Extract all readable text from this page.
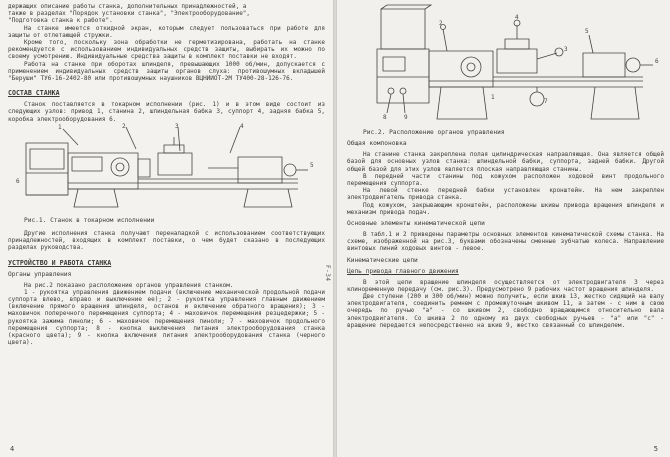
держащих описание работы станка, дополнительных принадлежностей, а

также в разделах "Порядок установки станка", "Электрооборудование",

"Подготовка станка к работе".

На станке имеется откидной экран, которым следует пользоваться при работе для защиты от отлетающей стружки.

Кроме того, поскольку зона обработки не герметизирована, работать на станке рекомендуется с использованием индивидуальных средств защиты, выбирать их можно по своему усмотрению. Индивидуальные средства защиты в комплект поставки не входят.

Работа на станке при оборотах шпинделя, превышающих 1000 об/мин, допускается с применением индивидуальных средств защиты органов слуха: противошумных вкладышей "Беруши" ТУ6-16-2402-80 или противошумных наушников ВЦНИИОТ-2М ТУ400-28-126-76.

СОСТАВ СТАНКА

Станок поставляется в токарном исполнении (рис. 1) и в этом виде состоит из следующих узлов: привод 1, станина 2, шпиндельная бабка 3, суппорт 4, задняя бабка 5, коробка электрооборудования 6.

1	2	3	4
5
6

Рис.1. Станок в токарном исполнении

Другие исполнения станка получают переналадкой с использованием соответствующих принадлежностей, входящих в комплект поставки, о чем будет сказано в последующих разделах руководства.

УСТРОЙСТВО И РАБОТА СТАНКА
Органы управления

На рис.2 показано расположение органов управления станком.

1 - рукоятка управления движением подачи (включение механической продольной подачи суппорта влево, вправо и выключение ее); 2 - рукоятка управления главным движением (включение прямого вращения шпинделя, останов и включение обратного вращения); 3 - маховичок поперечного перемещения суппорта; 4 - маховичок перемещения резцедержки; 5 - рукоятка зажима пиноли; 6 - маховичок перемещения пиноли; 7 - маховичок продольного перемещения суппорта; 8 - кнопка выключения питания электрооборудования станка (красного цвета); 9 - кнопка включения питания электрооборудования станка (черного цвета).

4
F-34
2
4
3
5
6
7
8	9
1

Рис.2. Расположение органов управления

Общая компоновка

На станине станка закреплена полая цилиндрическая направляющая. Она является общей базой для основных узлов станка: шпиндельной бабки, суппорта, задней бабки. Другой общей базой для этих узлов является плоская направляющая станины.

В передней части станины под кожухом расположен ходовой винт продольного перемещения суппорта.

На левой стенке передней бабки установлен кронштейн. На нем закреплен электродвигатель привода станка.

Под кожухом, закрывающим кронштейн, расположены шкивы привода вращения шпинделя и механизм привода подач.

Основные элементы кинематической цепи

В табл.1 и 2 приведены параметры основных элементов кинематической схемы станка. На схеме, изображенной на рис.3, буквами обозначены сменные зубчатые колеса. Направление винтовых линий ходовых винтов - левое.

Кинематические цепи
Цепь привода главного движения

В этой цепи вращение шпинделя осуществляется от электродвигателя 3 через клиноременную передачу (см. рис.3). Предусмотрено 9 рабочих частот вращения шпинделя.

Две ступени (200 и 300 об/мин) можно получить, если шкив 13, жестко сидящий на валу электродвигателя, соединить ремнем с промежуточным шкивом 11, а затем - с ним в свою очередь по ручью "а" - со шкивом 2, свободно вращающимся относительно вала электродвигателя. Со шкива 2 по одному из двух свободных ручьев - "а" или "с" - вращение передается непосредственно на шкив 9, жестко связанный со шпинделем.

5
